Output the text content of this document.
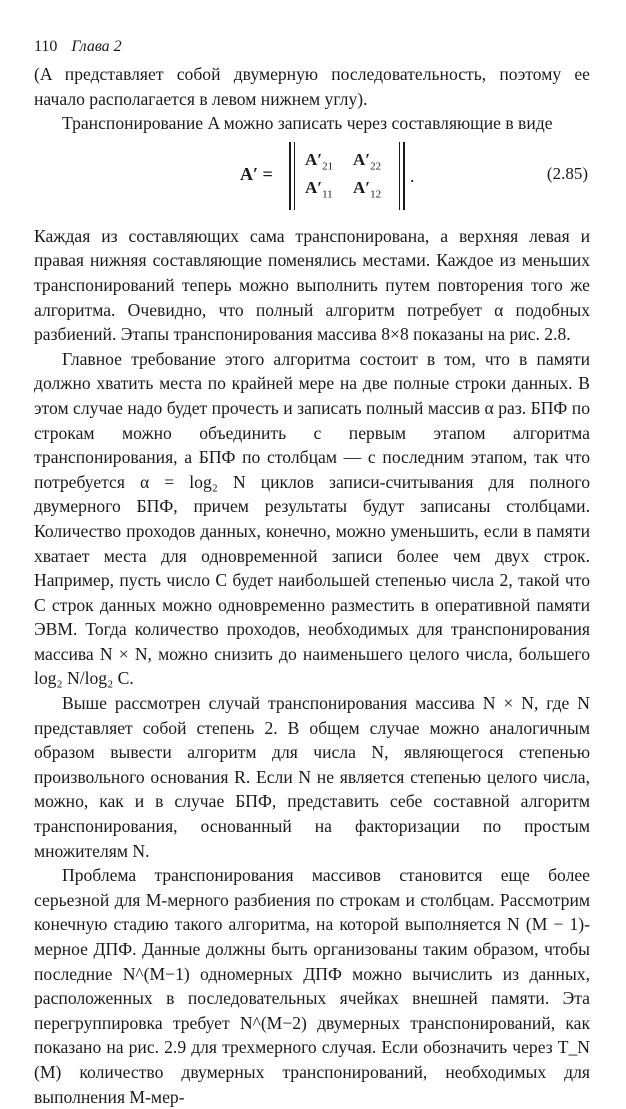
110 Глава 2

(A представляет собой двумерную последовательность, поэтому ее начало располагается в левом нижнем углу).

Транспонирование A можно записать через составляющие в виде

A′ =
$A'_{21}$ $A'_{22}$
$A'_{11}$ $A'_{12}$
.	(2.85)

Каждая из составляющих сама транспонирована, а верхняя левая и правая нижняя составляющие поменялись местами. Каждое из меньших транспонирований теперь можно выполнить путем повторения того же алгоритма. Очевидно, что полный алгоритм потребует α подобных разбиений. Этапы транспонирования массива 8×8 показаны на рис. 2.8.

Главное требование этого алгоритма состоит в том, что в памяти должно хватить места по крайней мере на две полные строки данных. В этом случае надо будет прочесть и записать полный массив α раз. БПФ по строкам можно объединить с первым этапом алгоритма транспонирования, а БПФ по столбцам — с последним этапом, так что потребуется α = log₂ N циклов записи-считывания для полного двумерного БПФ, причем результаты будут записаны столбцами. Количество проходов данных, конечно, можно уменьшить, если в памяти хватает места для одновременной записи более чем двух строк. Например, пусть число C будет наибольшей степенью числа 2, такой что C строк данных можно одновременно разместить в оперативной памяти ЭВМ. Тогда количество проходов, необходимых для транспонирования массива N × N, можно снизить до наименьшего целого числа, большего log₂ N/log₂ C.

Выше рассмотрен случай транспонирования массива N × N, где N представляет собой степень 2. В общем случае можно аналогичным образом вывести алгоритм для числа N, являющегося степенью произвольного основания R. Если N не является степенью целого числа, можно, как и в случае БПФ, представить себе составной алгоритм транспонирования, основанный на факторизации по простым множителям N.

Проблема транспонирования массивов становится еще более серьезной для M-мерного разбиения по строкам и столбцам. Рассмотрим конечную стадию такого алгоритма, на которой выполняется N (M − 1)-мерное ДПФ. Данные должны быть организованы таким образом, чтобы последние N^(M−1) одномерных ДПФ можно вычислить из данных, расположенных в последовательных ячейках внешней памяти. Эта перегруппировка требует N^(M−2) двумерных транспонирований, как показано на рис. 2.9 для трехмерного случая. Если обозначить через T_N (M) количество двумерных транспонирований, необходимых для выполнения M-мер-
